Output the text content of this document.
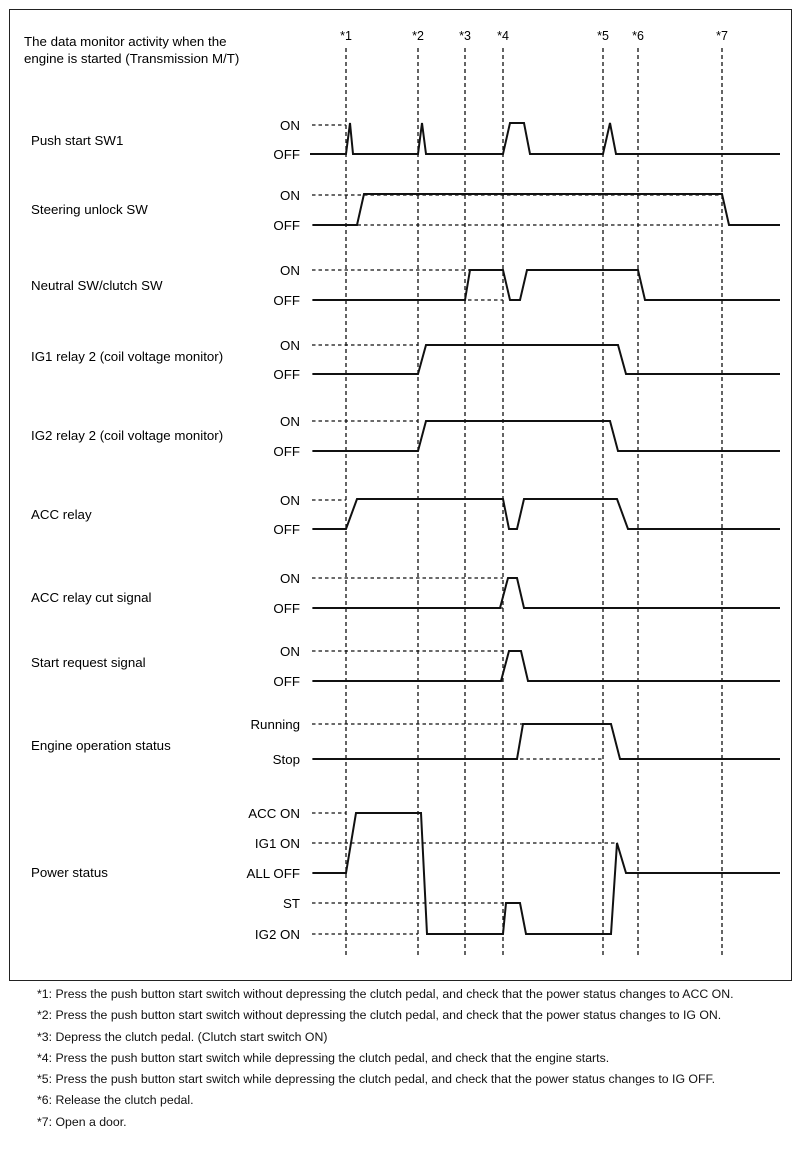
The data monitor activity when the
engine is started (Transmission M/T)
*1	*2	*3 *4	*5 *6	*7
Push start SW1
ON
OFF
Steering unlock SW
ON
OFF
Neutral SW/clutch SW
ON
OFF
IG1 relay 2 (coil voltage monitor)
ON
OFF
IG2 relay 2 (coil voltage monitor)
ON
OFF
ACC relay
ON
OFF
ACC relay cut signal
ON
OFF
Start request signal
ON
OFF
Engine operation status
Running
Stop
Power status
ACC ON
IG1 ON
ALL OFF
ST
IG2 ON
*1: Press the push button start switch without depressing the clutch pedal, and check that the power status changes to ACC ON.
*2: Press the push button start switch without depressing the clutch pedal, and check that the power status changes to IG ON.
*3: Depress the clutch pedal. (Clutch start switch ON)
*4: Press the push button start switch while depressing the clutch pedal, and check that the engine starts.
*5: Press the push button start switch while depressing the clutch pedal, and check that the power status changes to IG OFF.
*6: Release the clutch pedal.
*7: Open a door.
